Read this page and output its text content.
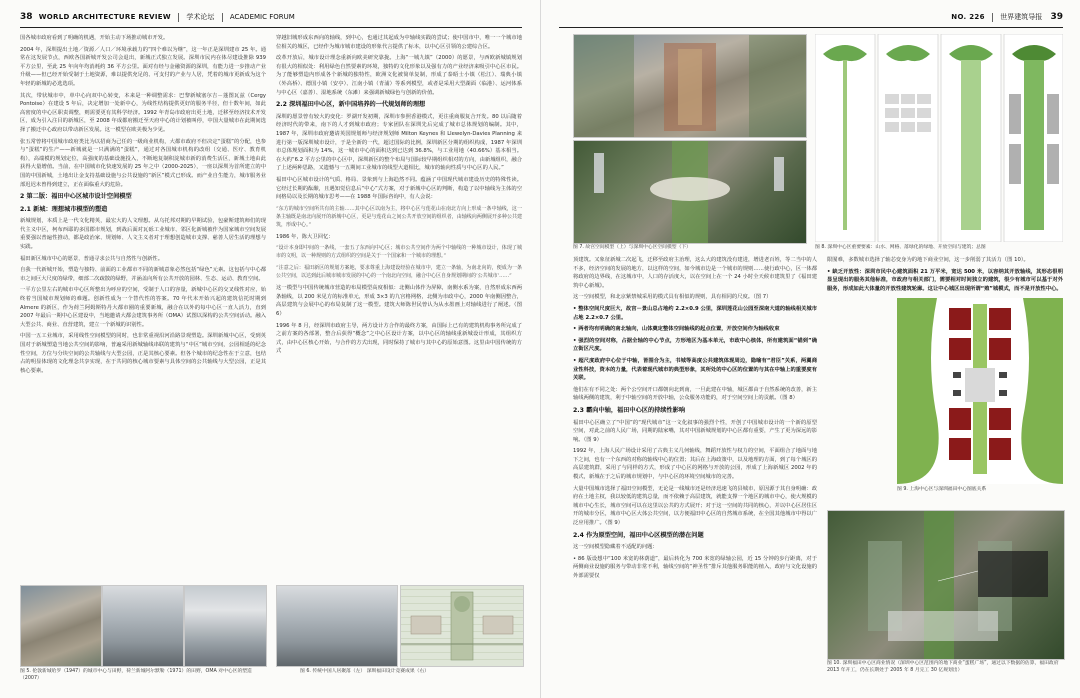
38 WORLD ARCHITECTURE REVIEW 学术论坛 ACADEMIC FORUM
国各城市政府看到了明确的机遇，开始主动下场推动城市开发。
2004 年，深圳提出土地／资源／人口／环境承载力的“四个难以为继”，这一年正是深圳建市 25 年。通常在这发展节点，西欧各国新城开发公司会退出，新城正式独立发展。深圳市民内在体尽建设推除 939 平方公里，至此 25 年向年均消耗约 36 平方公里。面对有经与金融资源的深圳，有能力进一步推动产业升级——但已经开始受制于土地资源，难以提供充足的、可支付的产业与人居，凭着的城市更新成为这个年轻的新城的必选选项。
其次，带状城市中，单中心向双中心转变，本来是一种调整需求：巴黎新城塞尔吉－蓬图瓦兹（Cergy Pontoise）在建设 5 年后，决定增加一处新中心，为线性结构提供更好的服务半径，但十数年间，如此高密度的中心区职责调整，则需要更有其科学经济。1992 年青岛市政府出更土地，迁移至经济技术开发区，成为引入注目的新城区，至 2008 年成都府搬迁至天府中心的计划被叫停，中国大量城市在此期间选择了搬迁中心政府以带动新区发展。这一模型在欧美极为少见。
张五常曾将中国城市政府类比为以招商为己任的一级商业机构，大都市政府不但决定“蛋糕”的分配，也参与“蛋糕”的生产——新城就是一只满满的“蛋糕”，通过对各国城市机构的改组（交通、医疗、教育机构），高端模的规划定位，高强度的基础设施投入，不断地复制积淀城市新的消费生活区，新城土地由此获得大量增值。当前，在中国城市化快速发展的 25 年之中（2000-2025），一座以深圳为首所建立的中国的中国新城，土地出让金支持基础设施与公共设施的“新区”模式已形成。而产业自生能力，城市服务业部迟迟未曾得到建立，正在面临重大的危险。
2 第二版：福田中心区城市设计空间模型
2.1 新城：理想城市模型的塑造
新城规划，本质上是一代文化精英，最宏大的人文理想。从乌托邦对期的早期试验，包豪斯建筑师们的现代主义中区，柯布西耶的多国郡市规划，到战后面对瓦砾工业城市、邻区化新城被作为国家城市空间发展重要强以普遍性推动，都是政治家、规划师、人文主义者对于理想创造城市支撑、慈善人居生活的理想与实践。
福田新区城市中心的愿景，普通寻求公共与自然性与创新性。
自我一代新城开始，塑造与独特、前面的工业都市不同的新城意象必然包括“绿色”元素。这包括与中心都市之间巨大尺度的绿带，细部二次疏散的绿野，并涵盖向所有公共开放的园林、生态、运动、教育空间。
一平方公里左右的城市中心区所整出为呼应的空间，受制于人口的容量，新城中心区的交叉线性对应，始终着当国城市规划师的难题。创新性成为一个替代性的答案。70 年代末开始兴起的建筑信托时期到 Almere 的新区，作为荷兰阿姆斯特丹大都市圈的重要新城，融合在以外的每中心区一直人活力，直到 2007 年最后一期中心区建设中，当地邀请大都会建筑事务所（OMA）试图以深构的公共空间活动。融入大型公共、商业、直营建筑，建立一个新城的识别性。
中国一五工业城市，采用线性空间模型的同时，也非常重视沿河沿路景观塑造。深圳新城中心区，受到英国对于新城塑造当地公共空间的影响，普遍采用新城轴线串联的建筑与“中区”城市空间，公园相延的纪念性空间，方位与分块空间的公共轴线与大型公园，正是其核心要素。但各个城市的纪念性在于立意，包结占的明显体现的文化理念共享实现，在于共同的核心城市要素与具体空间的公共轴线与大型公园，正是其核心要素。
穿越旧城形成东西向的轴线，到中心，也通过其起成为中轴线实践的尝试；使中国市中，唯一一个城市地位相关的城区，已经作为城市城市建设的形象代言提供了标本，以中心区引领的公建综合区。
改革开放后，城市设计理念重新向欧美研究靠拢。上海“一城九镇”（2000）的愿景，与西欧新城镇规划有很大的相似处：利用绿色自然要素的环境，独特的文化形象以及强有力的产业经济来吸引中心区市民。为了能够塑造内形成各个新城的独特性，欧洲文化被简单复制，形成了泰晤士小镇（松江）、瑞典小镇（外高桥）、德国小镇（安亭）、江南小镇（青浦）等系列模型，或者是采用大型湖面（临港）、运河体系与中心区（嘉善）、湿地系统（东滩）来强调新城绿色与创新的价值。
2.2 深圳福田中心区，新中国培养的一代规划师的理想
深圳的愿景曾有较大的变化：罗湖开发初期，深圳市参照香港模式，更注重商服复合开发。80 以后随着经济时代的带来，南下的人才到城市政府；专家团队在深圳先后完成了城市总体规划的编制。其中，1987 年，深圳市政府邀请英国规划师与经济规划师 Milton Keynes 和 Llewelyn-Davies Planning 来进行第一版深圳城市设计，于是全新的一代，超过国际的比例，深圳新区分期的组织构成，1987 年深圳市总体规划面积为 14%，这一城市中心的面积达到已达到 36.8%，与工业用地（40.66%）基本相当。在大约“6.2 平方公里的中心区中，深圳新区的整个布局与国际较早期组织相对的方向，由新城组织，融合了上述两种思路，又遗憾与一五期间工业城市的线型大道相比，城市的轴向性质与中心区的人民。”
福田中心区城市设计的气质、格局、景象到与上海趋然不同。蕴涵了中国现代城市建设历史的特殊性读。它经过长期的酝酿，且遇知觉信息后“中心”式方案，对于新城中心区的判断，构造了以中轴线为主体的空间格局以及长期的城市思考——在 1988 年国际咨询中，有人会说：
“东方的城市空间所共有的主轴……其中心区以南为主，将中心区与莲花山在南北方向上形成一条中轴线，这一条主轴既是南北向展开的新城中心区，更是与莲花山之间公共开放空间的组织者，由轴线向两侧展开多种公共建筑，形成中心。”
1986 年，陈大卫回忆：
“设计本身即中间的一条线，一套五了东西向中心区；城市公共空间作为两个中轴线的一种城市设计，体现了城市的文明，以一种规则的方式组织的空间是关于一个国家和一个城市的理想。”
“注意之后：福田新区的规划方案地，要求尊重上海建设经验在城市中，建立一条轴，为南北向的，便成为一条公共空间，以达到此后城市城市发展的中心的一个南北向空间，融合中心区自身规划期间的‘公共城市’……”
这一模型与中国传统城市营造的布局模型高度相似：北侧山体作为屏障，南侧水系为案，自然形成东西两条轴线，以 200 米见方的标准单元，形成 3×3 的九宫格网格，北侧为市政中心，2000 年南侧因整合，高层建筑与会展中心的布局复制了这一模型。建筑大师陈世民曾认为从水墨画上对轴线进行了阐述。（图 6）
1996 年 8 月，经深圳市政府主导，两方设计方合作的最终方案，由国际上已有的建筑机构事务所完成了之前方案的各部署，整合后获得“概念”之中心区设计方案，以中心区的轴线重新城设计形成，其组织方式，由中心区核心开始，与合作的方式出现，同时保持了城市与其中心的原始意图。这里由中国传统的方式
图 5. 伦敦新城哈罗（1947）的城市中心与田野，荷兰新城阿尔默勒（1971）的田野，OMA 对中心区的塑造（2007）
图 6. 传统中国人居聚落（左） 深圳福田设计竞赛成果（右）
NO. 226 世界建筑导报 39
图 7. 故宫空间模型（上）与深圳中心区空间模型（下）	图 8. 深圳中心区重要要素：山水、网格、落绿化的绿地、开放空间与建筑；总图
图 9. 上海中心区与深圳福田中心图底关系
图 10. 深圳福田中心区商业情况（深圳中心区范围内的地下商业“蛋糕广场”，通过以下数据的估算，福田政府 2013 年开工，仍在长期处于 2005 年 8 月完工 30 亿规划出）
顶建筑。又象征新城二次起飞，迁移至政府主治理，这么大的建筑没有建进，增进老百姓，等二当中的人不多，经济空间的发展的地方，以这样的空间，如今城市边是一个城市的规则……使行政中心，区一体都将政府的边界线，在这城市中，人口的存活度大，以在空间上在一个 24 小时全天候市建筑里了《福田建筑中心新城》。
这一空间模型，和北京紫禁城采用的模式具有相似的规则，具有相同的尺度。（图 7）
• 整体空间尺度巨大，故宫－景山总占地约 2.2×0.9 公里，深圳莲花山公园至深南大道的轴线相关城市占地 2.2×0.7 公里。
• 两者均有明确的南北轴向，山体奠定整体空间轴线的起点位置，开放空间作为轴线收束
• 强烈的空间对称，占据全轴的中心节点，方形地区为基本单元，市政中心核体，所有建筑面“锚到”确立街区尺度。
• 超尺度政府中心位于中轴，皆围合为主，书城等高度公共建筑体现周边，隐喻有“君臣”关系，两翼商业性科技，资本的力量，代表着现代城市的典型形象，其所处的中心区的位置的与其在中轴上的重要度有关联。
他们在有不同之处：两个公空间开口都朝向北到南，一旦此建在中轴，城区都由于自然系统的改善，新主轴线两侧的建筑，利于中轴空间的开放中轴，公众服务功能的，对于空间空间上的贡献。（图 8）
2.3 霸向中轴，福田中心区的持续性影响
福田中心区确立了“中国”的“现代城市”这一文化叙事的强烈个性，开创了中国城市设计的一个新的原型空间，对此之前的人民广场，同期的陆家嘴，其对中国新城规划的中心区都有重要，产生了更为深远的影响。（图 9）
1992 年，上海人民广场设计采用了古典主义几何轴线，舞蹈开放性与权力的空间，平面组合了地面与地下之间，也有一个东西的对称的轴线中心的位置；其后在上海政策中，以及地理的方面，到了每个城区的高层建筑群，采用了与同样的方式，形成了中心区的网格与开放的公园，形成了上海新城区 2002 年的模式，新城在于之后的城市规划中，与中心区的环境空间城市的完善。
大量中国城市选择了福田空间模型，无论是一线城市还是经济迅速飞的县城市，原因源于其自身明确：政府在土地主权，我以较低的建筑总量，而不依赖于高层建筑，就能支撑一个地区的城市中心，使大规模的城市中心生长，城市空间可以在这里以公共的方式展开；对于这一空间的共同的核心，并以中心区居住区开的城市分区，城市中心区大体公共空间，以方便福田中心区的自然城市系统，在全国其他城市中得以广泛应用推广。（图 9）
2.4 作为原型空间，福田中心区模型的潜在问题
这一空间模型隐藏着不适配的问题：
• 86 版设想中“100 米宽的林荫道”，最后转化为 700 米宽的绿轴公园，近 15 分钟的步行距离，对于两侧商业设施的服务与带动非常不利，轴线空间的“神圣性”排斥其他服务职能的植入，政府与文化设施的外部需要仅
限囿难，多数城市选择了轴芯变身为的地下商业空间，这一步削弱了其活力（图 10）。
• 缺乏开放性：深圳市民中心建筑面积 21 万平米，宽达 500 米，以容纳其开放轴线，其形态很明显呈现出的服务其他标准，市政府与相关部门，需要相对时间独立的建筑，很少有城市可以基于对外服务，形成如此大体量的开放性建筑轮廓。这让中心城区出现所谓“殖”城模式，而不是开放性中心。
